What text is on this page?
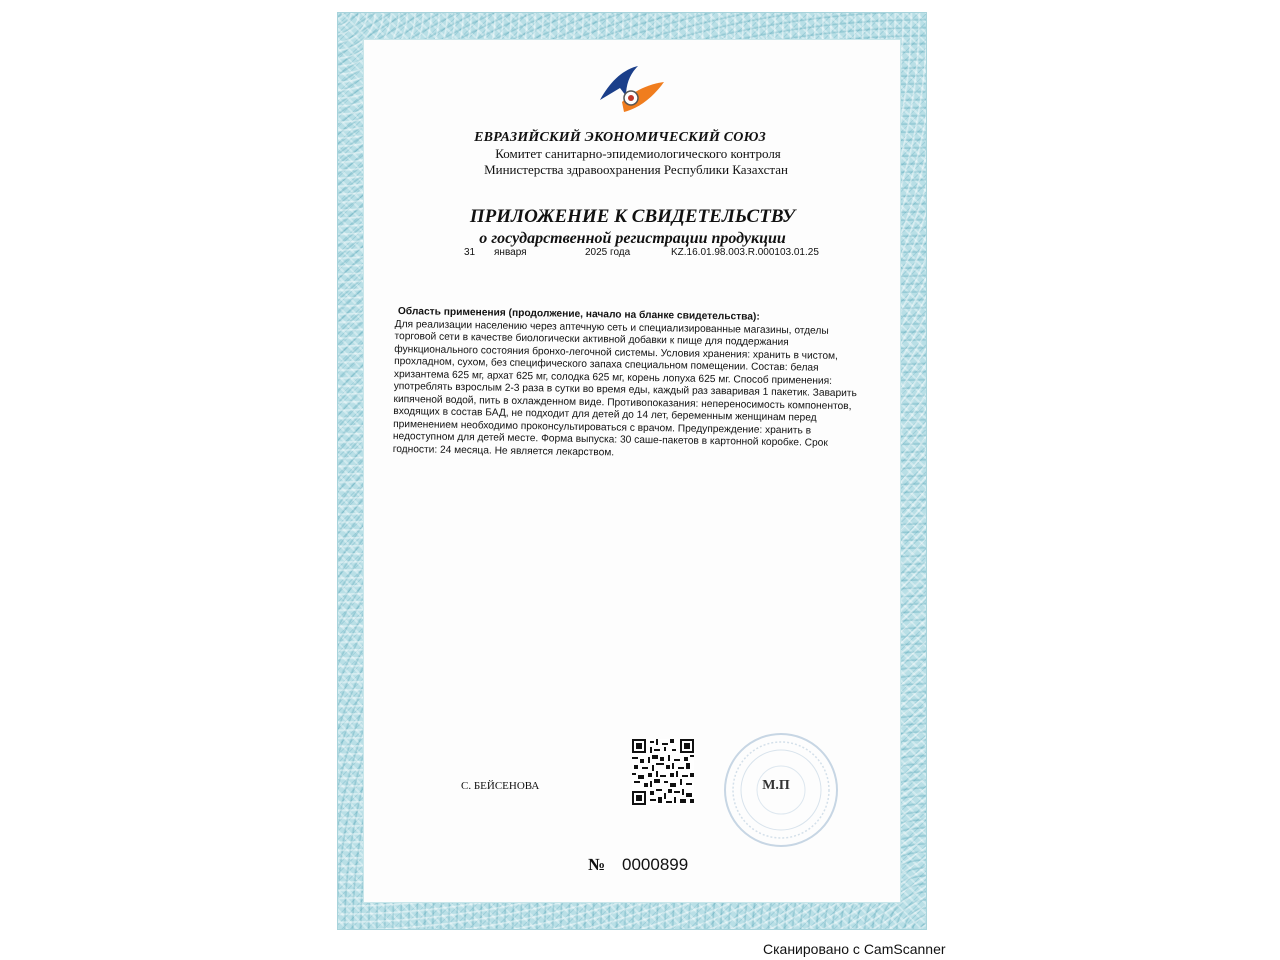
ЕВРАЗИЙСКИЙ ЭКОНОМИЧЕСКИЙ СОЮЗ
Комитет санитарно-эпидемиологического контроля
Министерства здравоохранения Республики Казахстан
ПРИЛОЖЕНИЕ К СВИДЕТЕЛЬСТВУ
о государственной регистрации продукции
31 января	2025 года	KZ.16.01.98.003.R.000103.01.25
Область применения (продолжение, начало на бланке свидетельства):
Для реализации населению через аптечную сеть и специализированные магазины, отделы торговой сети в качестве биологически активной добавки к пище для поддержания функционального состояния бронхо-легочной системы. Условия хранения: хранить в чистом, прохладном, сухом, без специфического запаха специальном помещении. Состав: белая хризантема 625 мг, архат 625 мг, солодка 625 мг, корень лопуха 625 мг. Способ применения: употреблять взрослым 2-3 раза в сутки во время еды, каждый раз заваривая 1 пакетик. Заварить кипяченой водой, пить в охлажденном виде. Противопоказания: непереносимость компонентов, входящих в состав БАД, не подходит для детей до 14 лет, беременным женщинам перед применением необходимо проконсультироваться с врачом. Предупреждение: хранить в недоступном для детей месте. Форма выпуска: 30 саше-пакетов в картонной коробке. Срок годности: 24 месяца. Не является лекарством.
С. БЕЙСЕНОВА	М.П
№ 0000899
Сканировано с CamScanner
